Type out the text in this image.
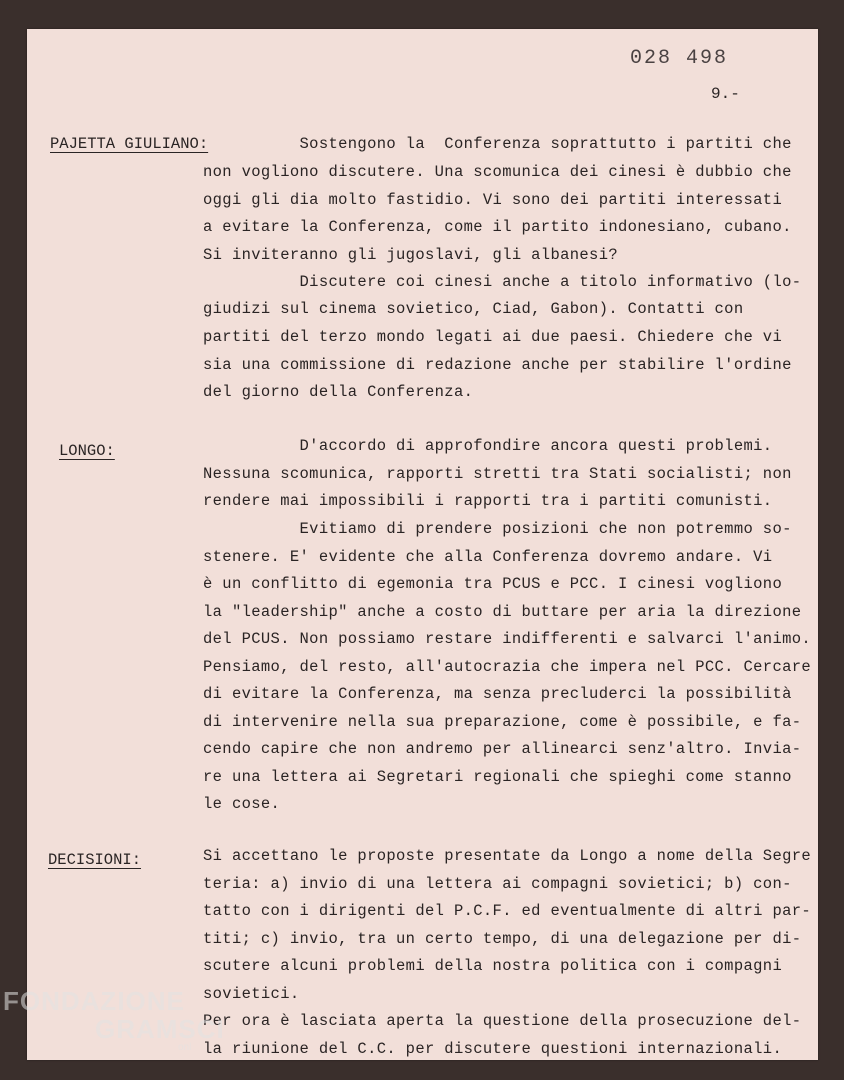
028 498
9.-
PAJETTA GIULIANO:
Sostengono la  Conferenza soprattutto i partiti che
non vogliono discutere. Una scomunica dei cinesi è dubbio che
oggi gli dia molto fastidio. Vi sono dei partiti interessati
a evitare la Conferenza, come il partito indonesiano, cubano.
Si inviteranno gli jugoslavi, gli albanesi?
Discutere coi cinesi anche a titolo informativo (lo-
giudizi sul cinema sovietico, Ciad, Gabon). Contatti con
partiti del terzo mondo legati ai due paesi. Chiedere che vi
sia una commissione di redazione anche per stabilire l'ordine
del giorno della Conferenza.
LONGO:	D'accordo di approfondire ancora questi problemi.
Nessuna scomunica, rapporti stretti tra Stati socialisti; non
rendere mai impossibili i rapporti tra i partiti comunisti.
Evitiamo di prendere posizioni che non potremmo so-
stenere. E' evidente che alla Conferenza dovremo andare. Vi
è un conflitto di egemonia tra PCUS e PCC. I cinesi vogliono
la "leadership" anche a costo di buttare per aria la direzione
del PCUS. Non possiamo restare indifferenti e salvarci l'animo.
Pensiamo, del resto, all'autocrazia che impera nel PCC. Cercare
di evitare la Conferenza, ma senza precluderci la possibilità
di intervenire nella sua preparazione, come è possibile, e fa-
cendo capire che non andremo per allinearci senz'altro. Invia-
re una lettera ai Segretari regionali che spieghi come stanno
le cose.
DECISIONI:	Si accettano le proposte presentate da Longo a nome della Segre
teria: a) invio di una lettera ai compagni sovietici; b) con-
tatto con i dirigenti del P.C.F. ed eventualmente di altri par-
titi; c) invio, tra un certo tempo, di una delegazione per di-
scutere alcuni problemi della nostra politica con i compagni
sovietici.
Per ora è lasciata aperta la questione della prosecuzione del-
la riunione del C.C. per discutere questioni internazionali.
FONDAZIONE
GRAMSCI
onl
